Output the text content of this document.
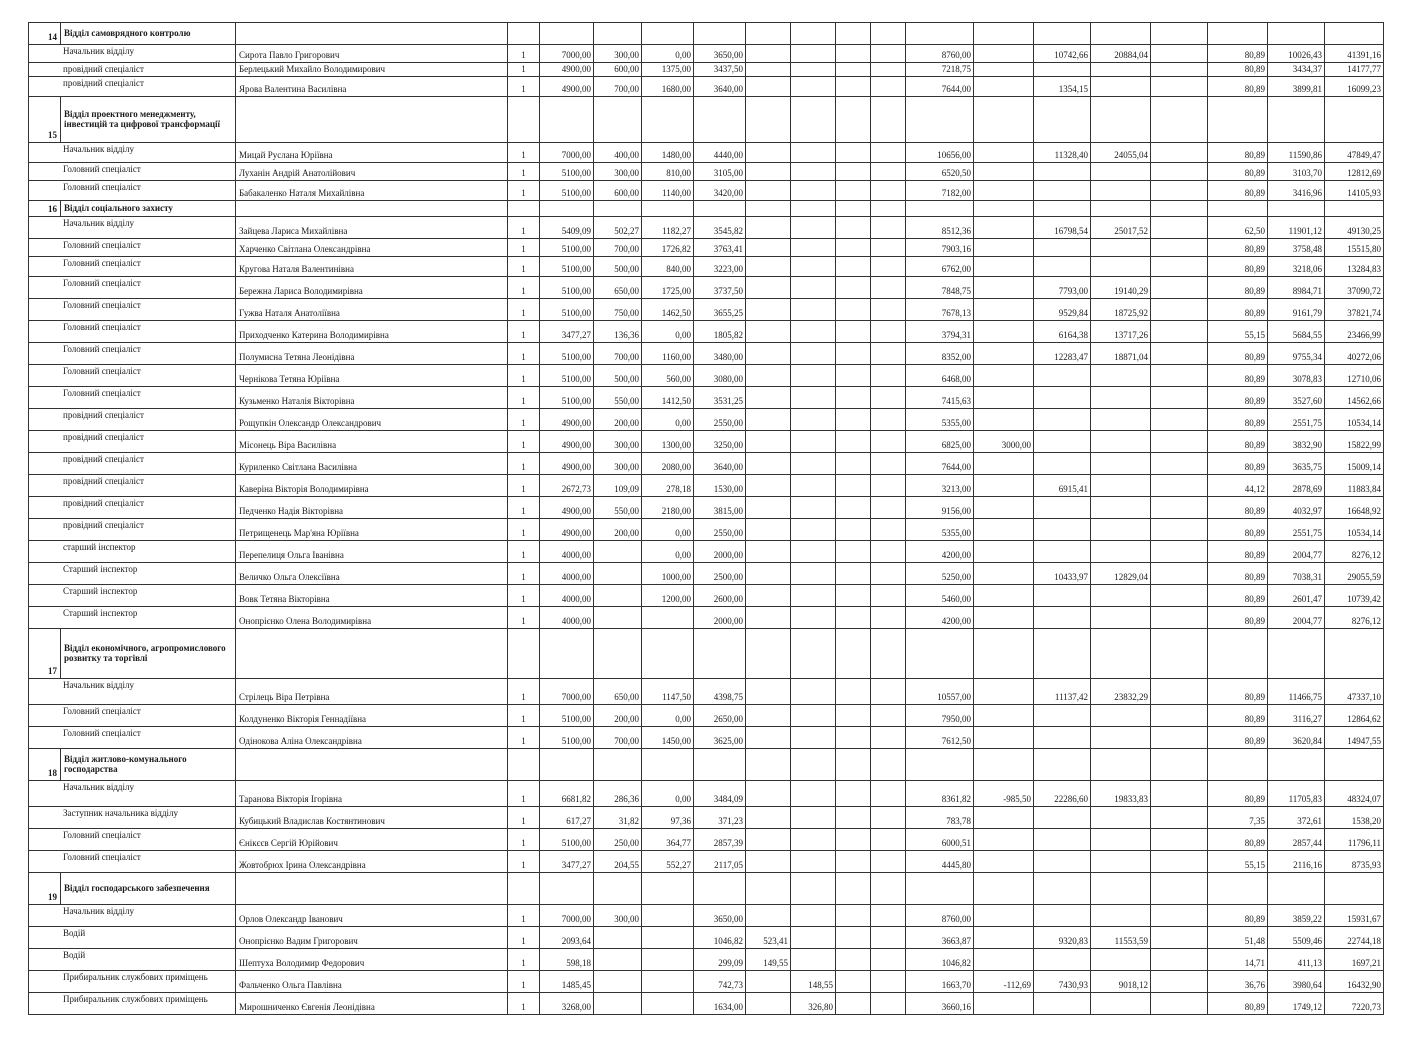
14	Відділ самоврядного контролю																		
Начальник відділу		Сирота Павло Григорович	1	7000,00	300,00	0,00	3650,00					8760,00		10742,66	20884,04		80,89	10026,43	41391,16
провідний спеціаліст		Берлецький Михайло Володимирович	1	4900,00	600,00	1375,00	3437,50					7218,75					80,89	3434,37	14177,77
провідний спеціаліст		Ярова Валентина Василівна	1	4900,00	700,00	1680,00	3640,00					7644,00		1354,15			80,89	3899,81	16099,23
15	Відділ проектного менеджменту, інвестицій та цифрової трансформації																		
Начальник відділу		Мицай Руслана Юріївна	1	7000,00	400,00	1480,00	4440,00					10656,00		11328,40	24055,04		80,89	11590,86	47849,47
Головний спеціаліст		Луханін Андрій Анатолійович	1	5100,00	300,00	810,00	3105,00					6520,50					80,89	3103,70	12812,69
Головний спеціаліст		Бабакаленко Наталя Михайлівна	1	5100,00	600,00	1140,00	3420,00					7182,00					80,89	3416,96	14105,93
16	Відділ соціального захисту																		
Начальник відділу		Зайцева Лариса Михайлівна	1	5409,09	502,27	1182,27	3545,82					8512,36		16798,54	25017,52		62,50	11901,12	49130,25
Головний спеціаліст		Харченко Світлана Олександрівна	1	5100,00	700,00	1726,82	3763,41					7903,16					80,89	3758,48	15515,80
Головний спеціаліст		Кругова Наталя Валентинівна	1	5100,00	500,00	840,00	3223,00					6762,00					80,89	3218,06	13284,83
Головний спеціаліст		Бережна Лариса Володимирівна	1	5100,00	650,00	1725,00	3737,50					7848,75		7793,00	19140,29		80,89	8984,71	37090,72
Головний спеціаліст		Гужва Наталя Анатоліївна	1	5100,00	750,00	1462,50	3655,25					7678,13		9529,84	18725,92		80,89	9161,79	37821,74
Головний спеціаліст		Приходченко Катерина Володимирівна	1	3477,27	136,36	0,00	1805,82					3794,31		6164,38	13717,26		55,15	5684,55	23466,99
Головний спеціаліст		Полумисна Тетяна Леонідівна	1	5100,00	700,00	1160,00	3480,00					8352,00		12283,47	18871,04		80,89	9755,34	40272,06
Головний спеціаліст		Чернікова Тетяна Юріївна	1	5100,00	500,00	560,00	3080,00					6468,00					80,89	3078,83	12710,06
Головний спеціаліст		Кузьменко Наталія Вікторівна	1	5100,00	550,00	1412,50	3531,25					7415,63					80,89	3527,60	14562,66
провідний спеціаліст		Рощупкін Олександр Олександрович	1	4900,00	200,00	0,00	2550,00					5355,00					80,89	2551,75	10534,14
провідний спеціаліст		Місонець Віра Василівна	1	4900,00	300,00	1300,00	3250,00					6825,00	3000,00				80,89	3832,90	15822,99
провідний спеціаліст		Куриленко Світлана Василівна	1	4900,00	300,00	2080,00	3640,00					7644,00					80,89	3635,75	15009,14
провідний спеціаліст		Каверіна Вікторія Володимирівна	1	2672,73	109,09	278,18	1530,00					3213,00		6915,41			44,12	2878,69	11883,84
провідний спеціаліст		Педченко Надія Вікторівна	1	4900,00	550,00	2180,00	3815,00					9156,00					80,89	4032,97	16648,92
провідний спеціаліст		Петрищенець Мар'яна Юріївна	1	4900,00	200,00	0,00	2550,00					5355,00					80,89	2551,75	10534,14
старший інспектор		Перепелиця Ольга Іванівна	1	4000,00		0,00	2000,00					4200,00					80,89	2004,77	8276,12
Старший інспектор		Величко Ольга Олексіївна	1	4000,00		1000,00	2500,00					5250,00		10433,97	12829,04		80,89	7038,31	29055,59
Старший інспектор		Вовк Тетяна Вікторівна	1	4000,00		1200,00	2600,00					5460,00					80,89	2601,47	10739,42
Старший інспектор		Онопрієнко Олена Володимирівна	1	4000,00			2000,00					4200,00					80,89	2004,77	8276,12
17	Відділ економічного, агропромислового розвитку та торгівлі																		
Начальник відділу		Стрілець Віра Петрівна	1	7000,00	650,00	1147,50	4398,75					10557,00		11137,42	23832,29		80,89	11466,75	47337,10
Головний спеціаліст		Колдуненко Вікторія Геннадіївна	1	5100,00	200,00	0,00	2650,00					7950,00					80,89	3116,27	12864,62
Головний спеціаліст		Одінокова Аліна Олександрівна	1	5100,00	700,00	1450,00	3625,00					7612,50					80,89	3620,84	14947,55
18	Відділ житлово-комунального господарства																		
Начальник відділу		Таранова Вікторія Ігорівна	1	6681,82	286,36	0,00	3484,09					8361,82	-985,50	22286,60	19833,83		80,89	11705,83	48324,07
Заступник начальника відділу		Кубицький Владислав Костянтинович	1	617,27	31,82	97,36	371,23					783,78					7,35	372,61	1538,20
Головний спеціаліст		Єнікєєв Сергій Юрійович	1	5100,00	250,00	364,77	2857,39					6000,51					80,89	2857,44	11796,11
Головний спеціаліст		Жовтобрюх Ірина Олександрівна	1	3477,27	204,55	552,27	2117,05					4445,80					55,15	2116,16	8735,93
19	Відділ господарського забезпечення																		
Начальник відділу		Орлов Олександр Іванович	1	7000,00	300,00		3650,00					8760,00					80,89	3859,22	15931,67
Водій		Онопрієнко Вадим Григорович	1	2093,64			1046,82	523,41				3663,87		9320,83	11553,59		51,48	5509,46	22744,18
Водій		Шептуха Володимир Федорович	1	598,18			299,09	149,55				1046,82					14,71	411,13	1697,21
Прибиральник службових приміщень		Фальченко Ольга Павлівна	1	1485,45			742,73		148,55			1663,70	-112,69	7430,93	9018,12		36,76	3980,64	16432,90
Прибиральник службових приміщень		Мирошниченко Євгенія Леонідівна	1	3268,00			1634,00		326,80			3660,16					80,89	1749,12	7220,73
